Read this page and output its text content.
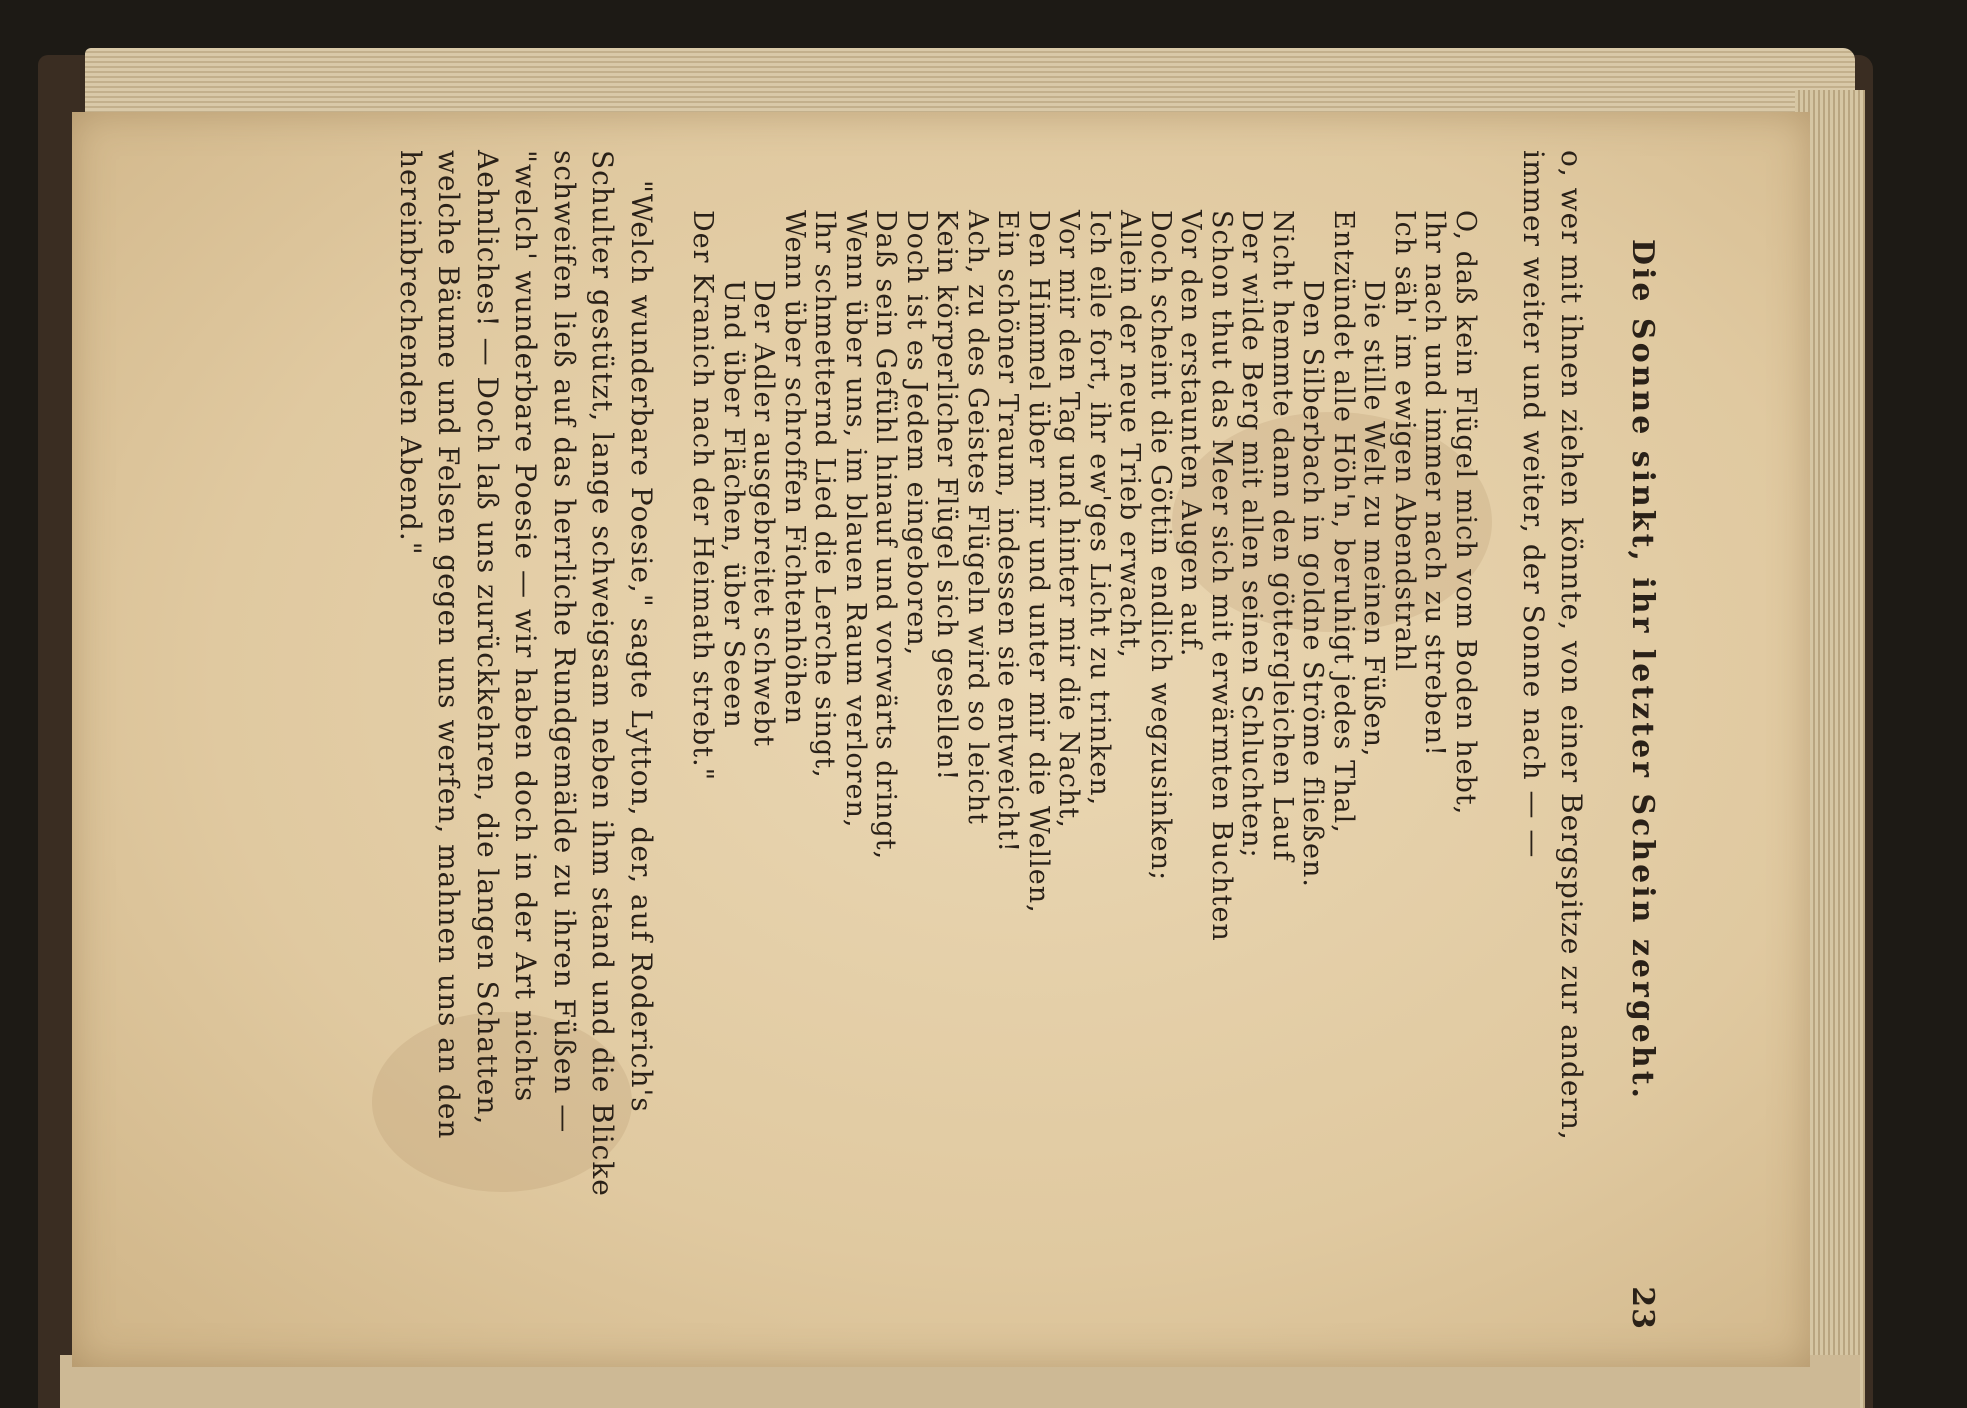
Die Sonne sinkt, ihr letzter Schein zergeht.
23

o, wer mit ihnen ziehen könnte, von einer Bergspitze zur andern,

immer weiter und weiter, der Sonne nach — —

O, daß kein Flügel mich vom Boden hebt,
Ihr nach und immer nach zu streben!
Ich säh' im ewigen Abendstrahl
Die stille Welt zu meinen Füßen,
Entzündet alle Höh'n, beruhigt jedes Thal,
Den Silberbach in goldne Ströme fließen.
Nicht hemmte dann den göttergleichen Lauf
Der wilde Berg mit allen seinen Schluchten;
Schon thut das Meer sich mit erwärmten Buchten
Vor den erstaunten Augen auf.
Doch scheint die Göttin endlich wegzusinken;
Allein der neue Trieb erwacht,
Ich eile fort, ihr ew'ges Licht zu trinken,
Vor mir den Tag und hinter mir die Nacht,
Den Himmel über mir und unter mir die Wellen,
Ein schöner Traum, indessen sie entweicht!
Ach, zu des Geistes Flügeln wird so leicht
Kein körperlicher Flügel sich gesellen!
Doch ist es Jedem eingeboren,
Daß sein Gefühl hinauf und vorwärts dringt,
Wenn über uns, im blauen Raum verloren,
Ihr schmetternd Lied die Lerche singt,
Wenn über schroffen Fichtenhöhen
Der Adler ausgebreitet schwebt
Und über Flächen, über Seeen
Der Kranich nach der Heimath strebt."
"Welch wunderbare Poesie," sagte Lytton, der, auf Roderich's
Schulter gestützt, lange schweigsam neben ihm stand und die Blicke
schweifen ließ auf das herrliche Rundgemälde zu ihren Füßen —
"welch' wunderbare Poesie — wir haben doch in der Art nichts
Aehnliches! — Doch laß uns zurückkehren, die langen Schatten,
welche Bäume und Felsen gegen uns werfen, mahnen uns an den
hereinbrechenden Abend."
